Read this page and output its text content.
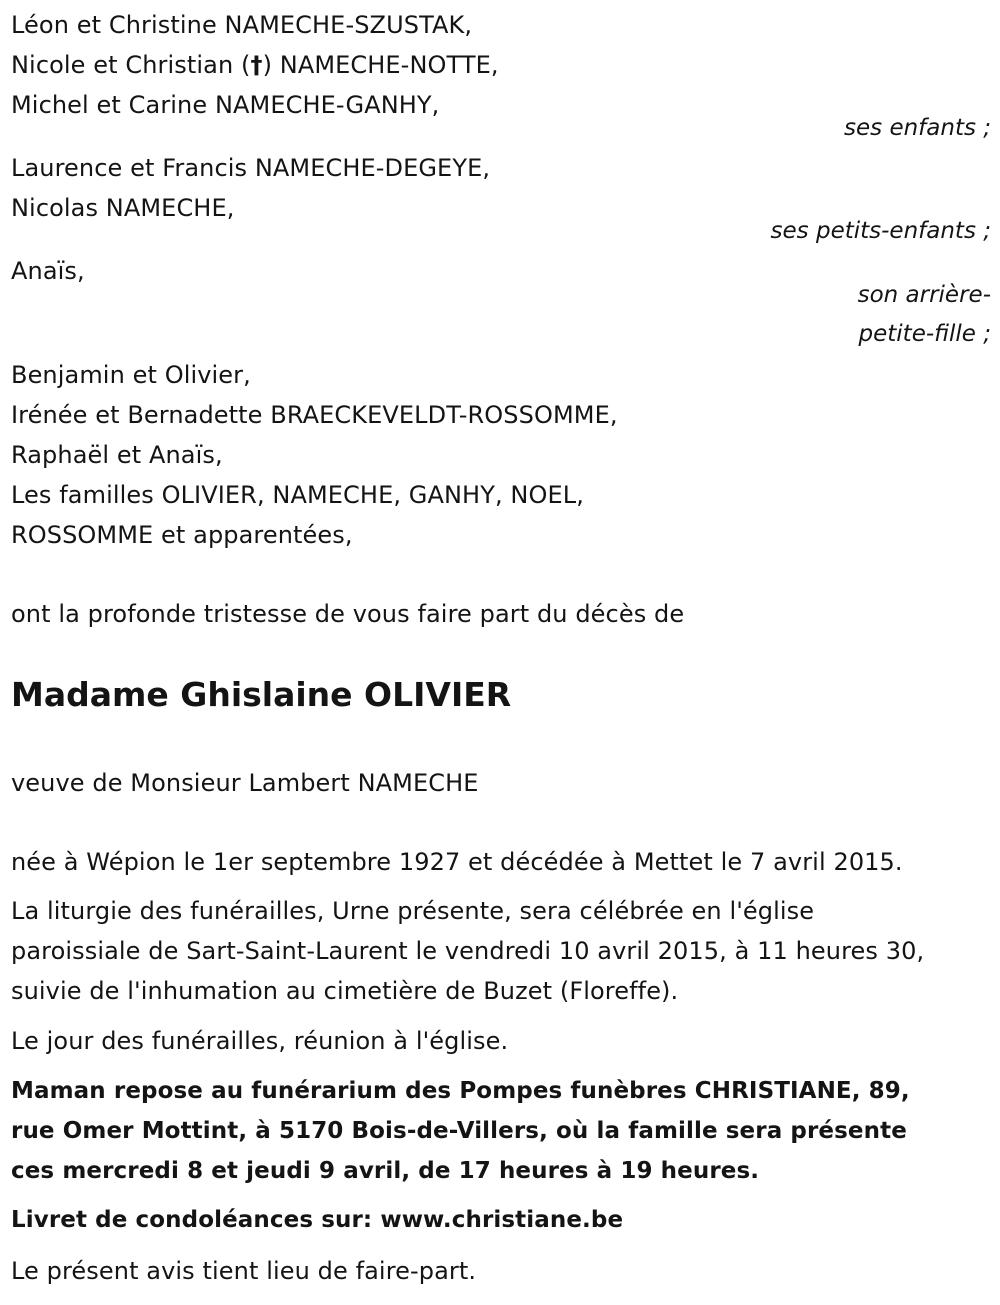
Léon et Christine NAMECHE-SZUSTAK,
Nicole et Christian (†) NAMECHE-NOTTE,
Michel et Carine NAMECHE-GANHY,
ses enfants ;
Laurence et Francis NAMECHE-DEGEYE,
Nicolas NAMECHE,
ses petits-enfants ;
Anaïs,
son arrière-
petite-fille ;
Benjamin et Olivier,
Irénée et Bernadette BRAECKEVELDT-ROSSOMME,
Raphaël et Anaïs,
Les familles OLIVIER, NAMECHE, GANHY, NOEL,
ROSSOMME et apparentées,
ont la profonde tristesse de vous faire part du décès de
Madame Ghislaine OLIVIER
veuve de Monsieur Lambert NAMECHE
née à Wépion le 1er septembre 1927 et décédée à Mettet le 7 avril 2015.
La liturgie des funérailles, Urne présente, sera célébrée en l'église
paroissiale de Sart-Saint-Laurent le vendredi 10 avril 2015, à 11 heures 30,
suivie de l'inhumation au cimetière de Buzet (Floreffe).
Le jour des funérailles, réunion à l'église.
Maman repose au funérarium des Pompes funèbres CHRISTIANE, 89,
rue Omer Mottint, à 5170 Bois-de-Villers, où la famille sera présente
ces mercredi 8 et jeudi 9 avril, de 17 heures à 19 heures.
Livret de condoléances sur: www.christiane.be
Le présent avis tient lieu de faire-part.
